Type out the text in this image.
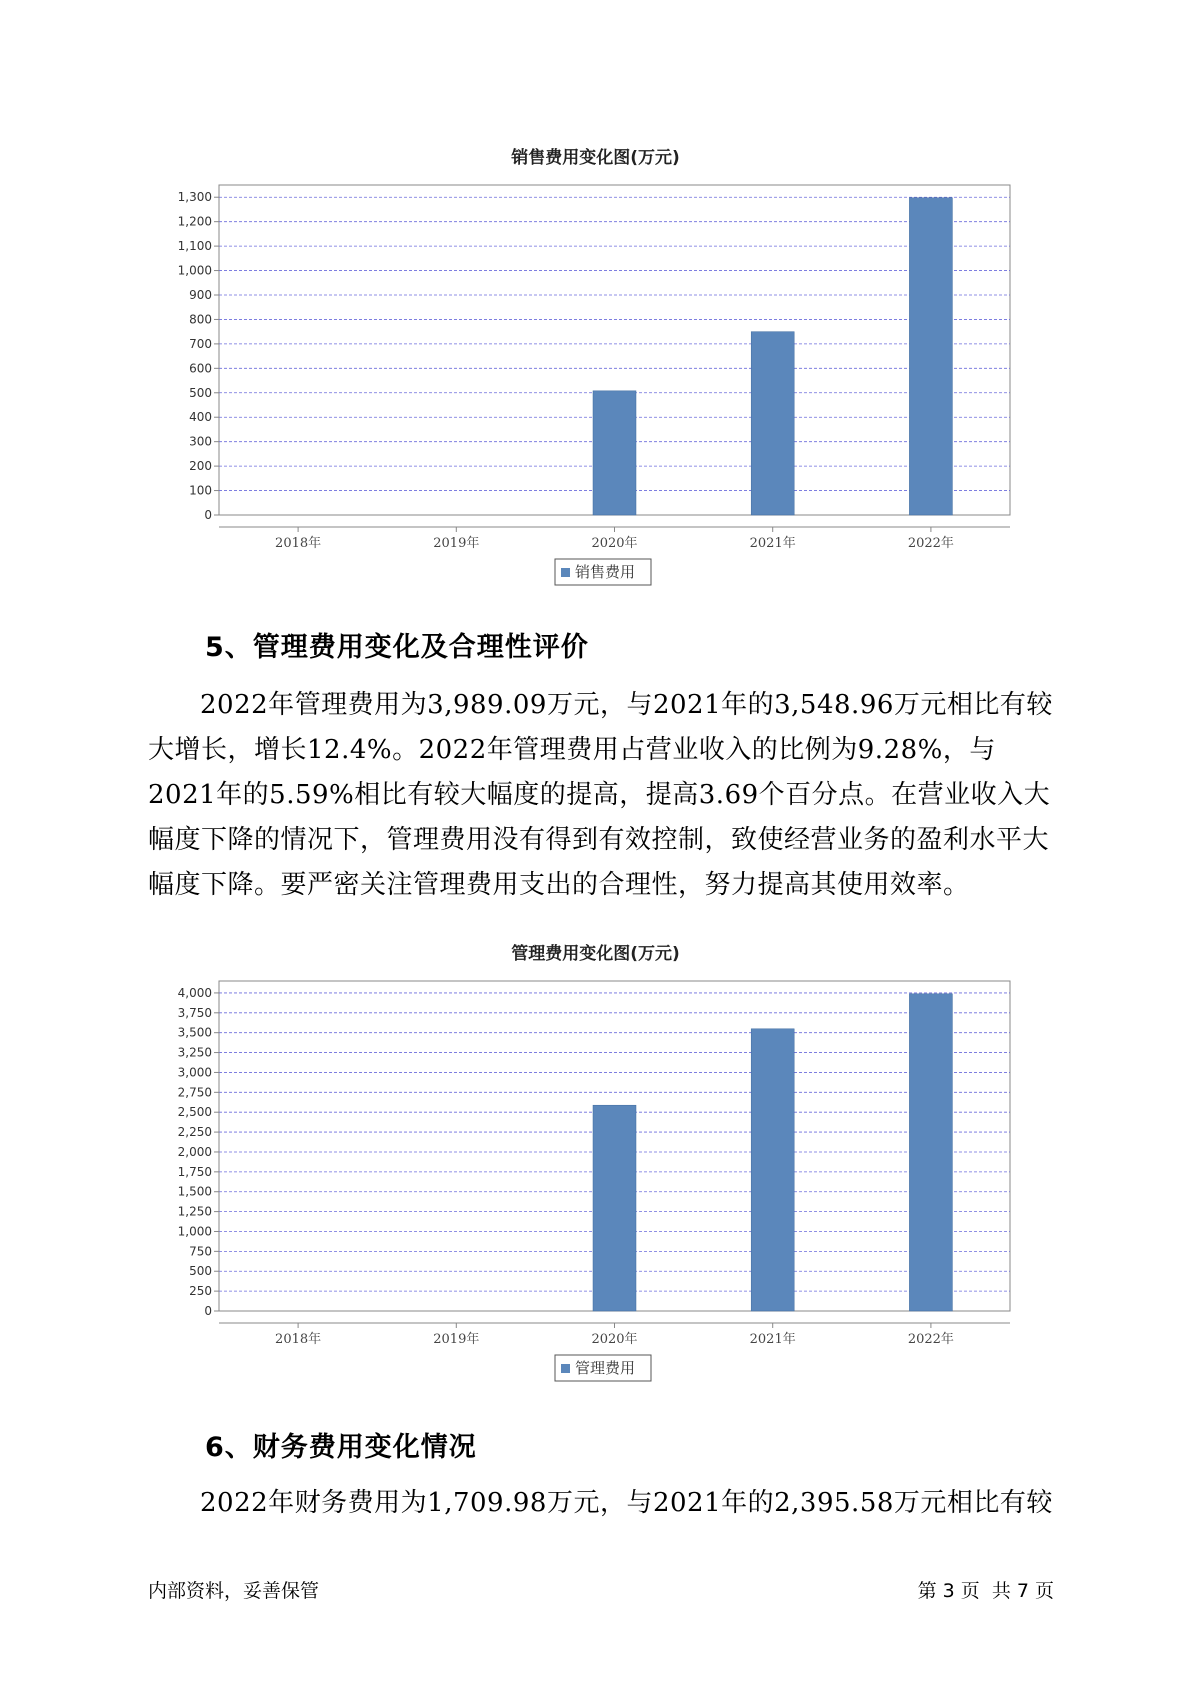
销售费用变化图(万元)
0
100
200
300
400
500
600
700
800
900
1,000
1,100
1,200
1,300
2018年	2019年	2020年	2021年	2022年
销售费用
5、管理费用变化及合理性评价
2022年管理费用为3,989.09万元，与2021年的3,548.96万元相比有较大增长，增长12.4%。2022年管理费用占营业收入的比例为9.28%，与2021年的5.59%相比有较大幅度的提高，提高3.69个百分点。在营业收入大幅度下降的情况下，管理费用没有得到有效控制，致使经营业务的盈利水平大幅度下降。要严密关注管理费用支出的合理性，努力提高其使用效率。
管理费用变化图(万元)
0
250
500
750
1,000
1,250
1,500
1,750
2,000
2,250
2,500
2,750
3,000
3,250
3,500
3,750
4,000
2018年	2019年	2020年	2021年	2022年
管理费用
6、财务费用变化情况
2022年财务费用为1,709.98万元，与2021年的2,395.58万元相比有较
内部资料，妥善保管	第 3 页  共 7 页
